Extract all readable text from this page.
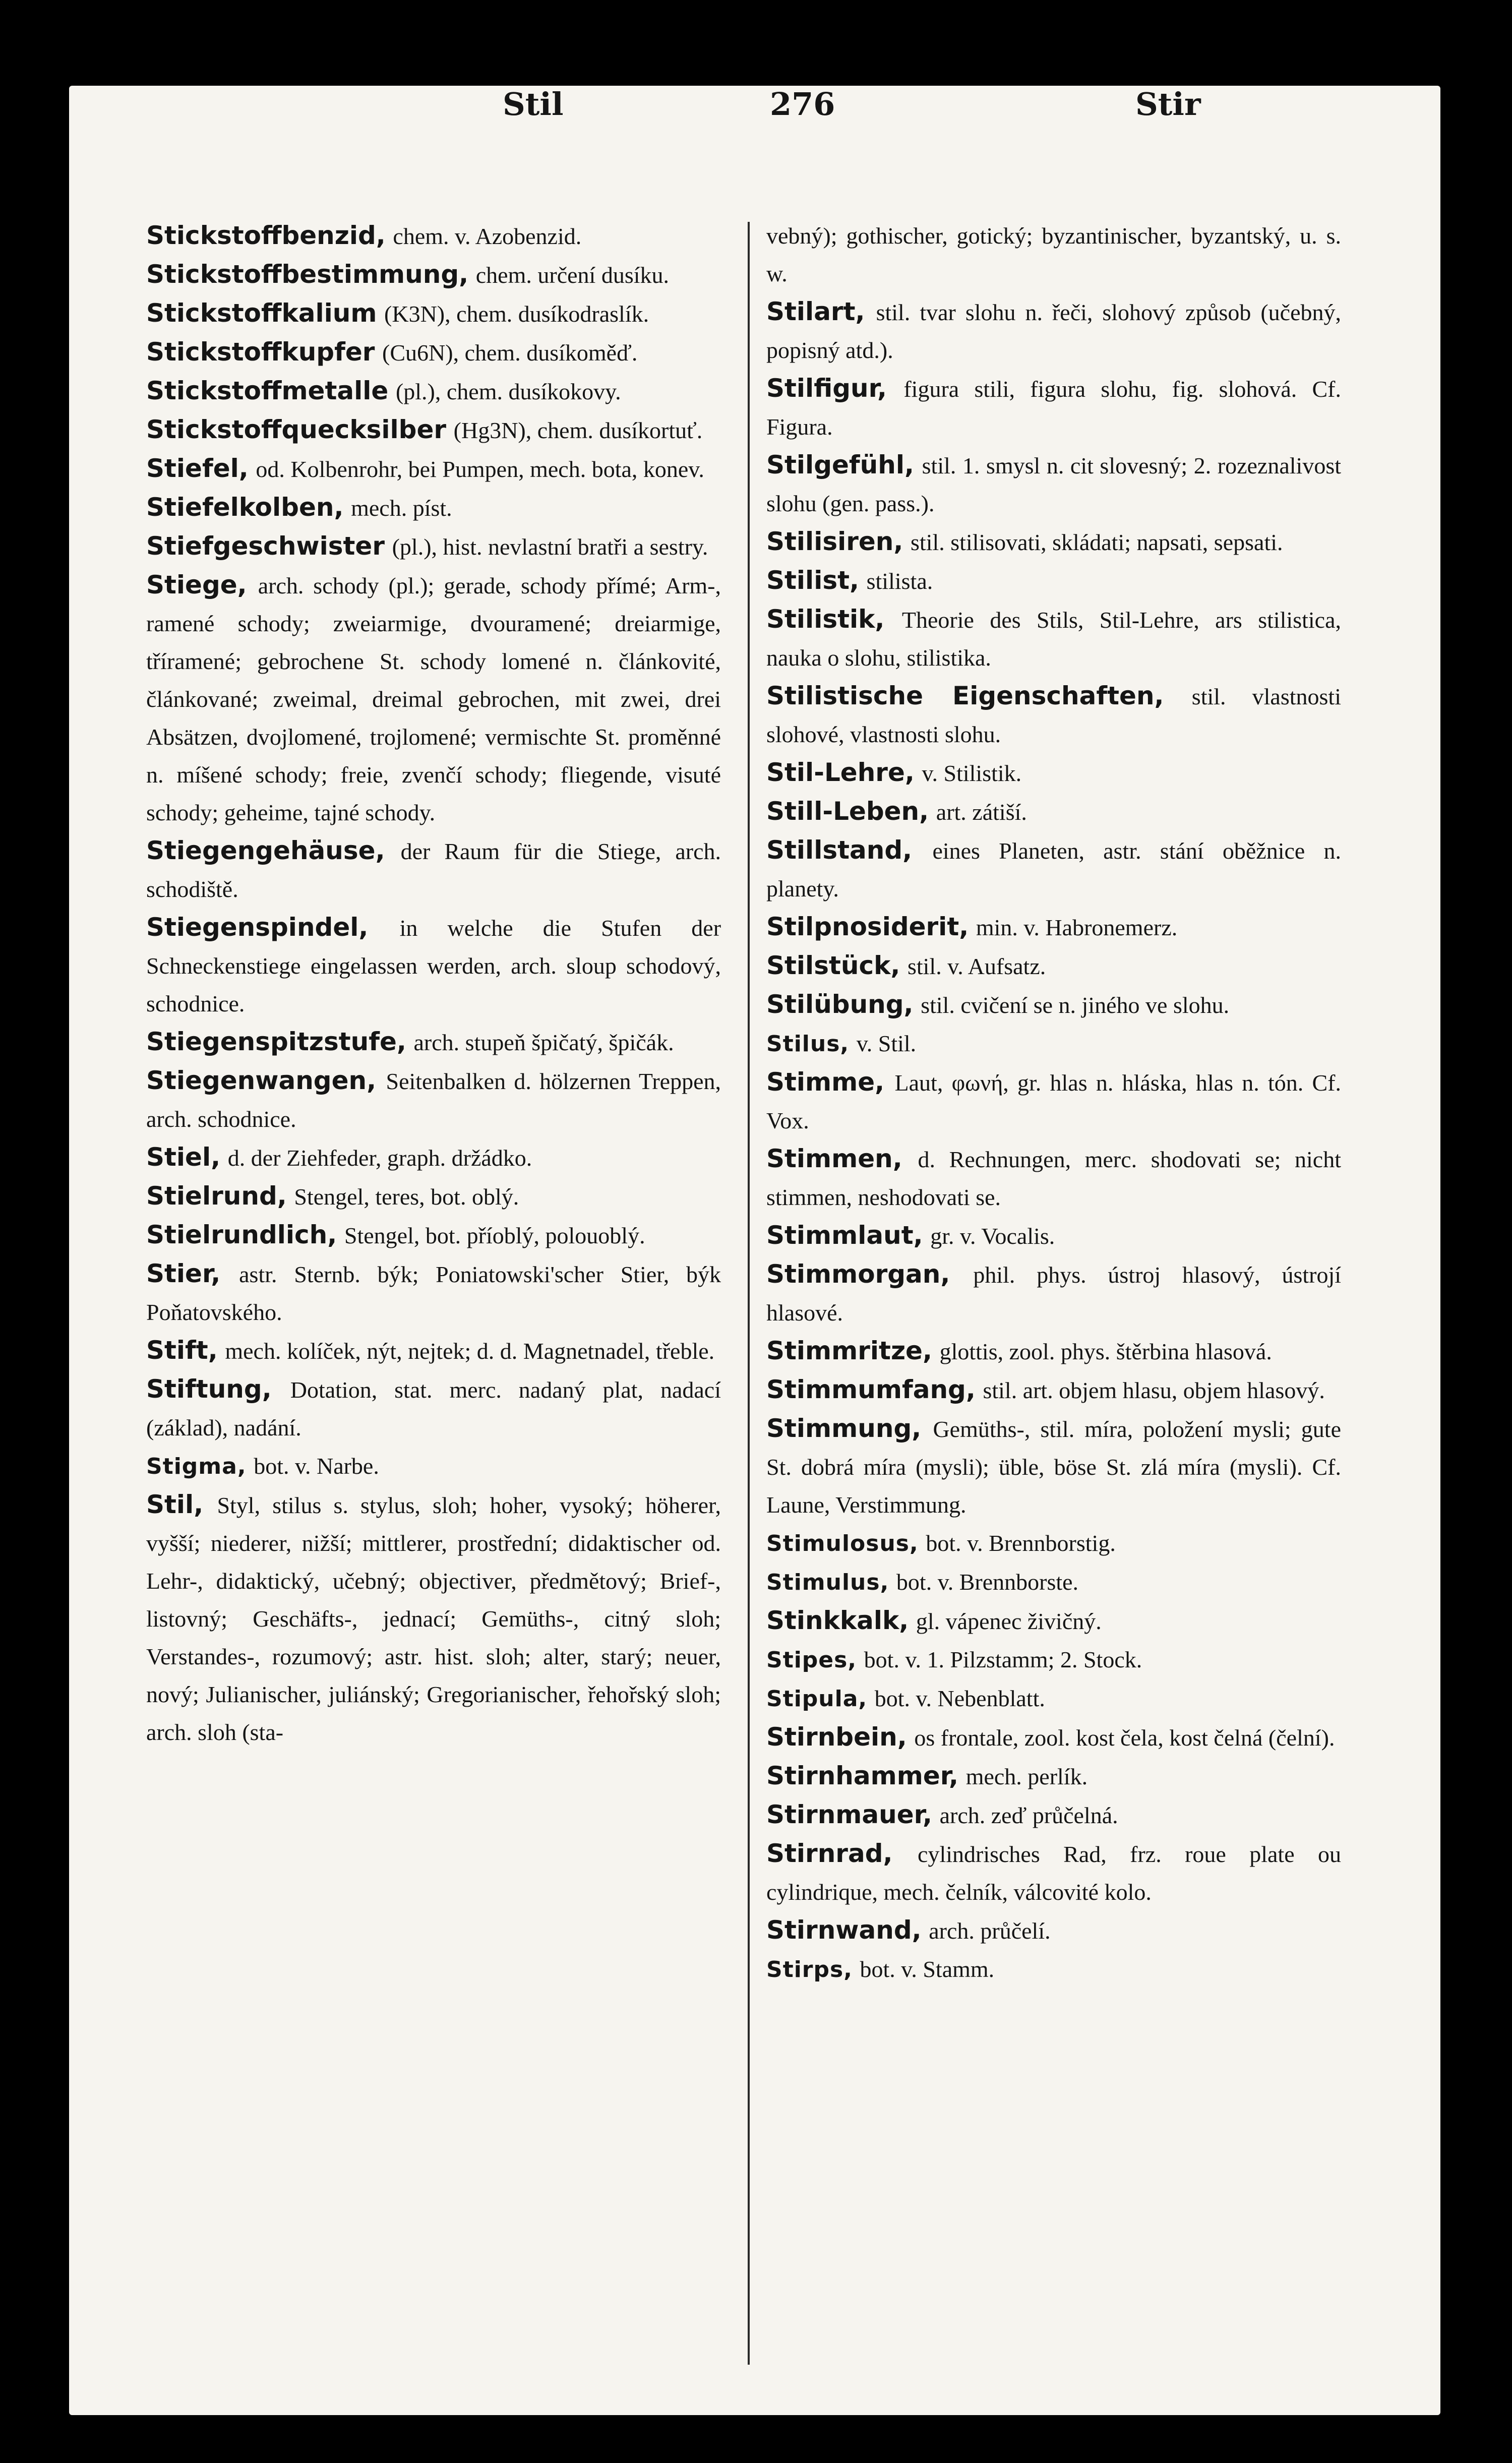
Stil	276	Stir

Stickstoffbenzid, chem. v. Azobenzid.

Stickstoffbestimmung, chem. určení dusíku.

Stickstoffkalium (K3N), chem. dusíkodraslík.

Stickstoffkupfer (Cu6N), chem. dusíkoměď.

Stickstoffmetalle (pl.), chem. dusíkokovy.

Stickstoffquecksilber (Hg3N), chem. dusíkortuť.

Stiefel, od. Kolbenrohr, bei Pumpen, mech. bota, konev.

Stiefelkolben, mech. píst.

Stiefgeschwister (pl.), hist. nevlastní bratři a sestry.

Stiege, arch. schody (pl.); gerade, schody přímé; Arm-, ramené schody; zweiarmige, dvouramené; dreiarmige, tříramené; gebrochene St. schody lomené n. článkovité, článkované; zweimal, dreimal gebrochen, mit zwei, drei Absätzen, dvojlomené, trojlomené; vermischte St. proměnné n. míšené schody; freie, zvenčí schody; fliegende, visuté schody; geheime, tajné schody.

Stiegengehäuse, der Raum für die Stiege, arch. schodiště.

Stiegenspindel, in welche die Stufen der Schneckenstiege eingelassen werden, arch. sloup schodový, schodnice.

Stiegenspitzstufe, arch. stupeň špičatý, špičák.

Stiegenwangen, Seitenbalken d. hölzernen Treppen, arch. schodnice.

Stiel, d. der Ziehfeder, graph. držádko.

Stielrund, Stengel, teres, bot. oblý.

Stielrundlich, Stengel, bot. příoblý, polouoblý.

Stier, astr. Sternb. býk; Poniatowski'scher Stier, býk Poňatovského.

Stift, mech. kolíček, nýt, nejtek; d. d. Magnetnadel, třeble.

Stiftung, Dotation, stat. merc. nadaný plat, nadací (základ), nadání.

Stigma, bot. v. Narbe.

Stil, Styl, stilus s. stylus, sloh; hoher, vysoký; höherer, vyšší; niederer, nižší; mittlerer, prostřední; didaktischer od. Lehr-, didaktický, učebný; objectiver, předmětový; Brief-, listovný; Geschäfts-, jednací; Gemüths-, citný sloh; Verstandes-, rozumový; astr. hist. sloh; alter, starý; neuer, nový; Julianischer, juliánský; Gregorianischer, řehořský sloh; arch. sloh (sta-

vebný); gothischer, gotický; byzantinischer, byzantský, u. s. w.

Stilart, stil. tvar slohu n. řeči, slohový způsob (učebný, popisný atd.).

Stilfigur, figura stili, figura slohu, fig. slohová. Cf. Figura.

Stilgefühl, stil. 1. smysl n. cit slovesný; 2. rozeznalivost slohu (gen. pass.).

Stilisiren, stil. stilisovati, skládati; napsati, sepsati.

Stilist, stilista.

Stilistik, Theorie des Stils, Stil-Lehre, ars stilistica, nauka o slohu, stilistika.

Stilistische Eigenschaften, stil. vlastnosti slohové, vlastnosti slohu.

Stil-Lehre, v. Stilistik.

Still-Leben, art. zátiší.

Stillstand, eines Planeten, astr. stání oběžnice n. planety.

Stilpnosiderit, min. v. Habronemerz.

Stilstück, stil. v. Aufsatz.

Stilübung, stil. cvičení se n. jiného ve slohu.

Stilus, v. Stil.

Stimme, Laut, φωνή, gr. hlas n. hláska, hlas n. tón. Cf. Vox.

Stimmen, d. Rechnungen, merc. shodovati se; nicht stimmen, neshodovati se.

Stimmlaut, gr. v. Vocalis.

Stimmorgan, phil. phys. ústroj hlasový, ústrojí hlasové.

Stimmritze, glottis, zool. phys. štěrbina hlasová.

Stimmumfang, stil. art. objem hlasu, objem hlasový.

Stimmung, Gemüths-, stil. míra, položení mysli; gute St. dobrá míra (mysli); üble, böse St. zlá míra (mysli). Cf. Laune, Verstimmung.

Stimulosus, bot. v. Brennborstig.

Stimulus, bot. v. Brennborste.

Stinkkalk, gl. vápenec živičný.

Stipes, bot. v. 1. Pilzstamm; 2. Stock.

Stipula, bot. v. Nebenblatt.

Stirnbein, os frontale, zool. kost čela, kost čelná (čelní).

Stirnhammer, mech. perlík.

Stirnmauer, arch. zeď průčelná.

Stirnrad, cylindrisches Rad, frz. roue plate ou cylindrique, mech. čelník, válcovité kolo.

Stirnwand, arch. průčelí.

Stirps, bot. v. Stamm.
